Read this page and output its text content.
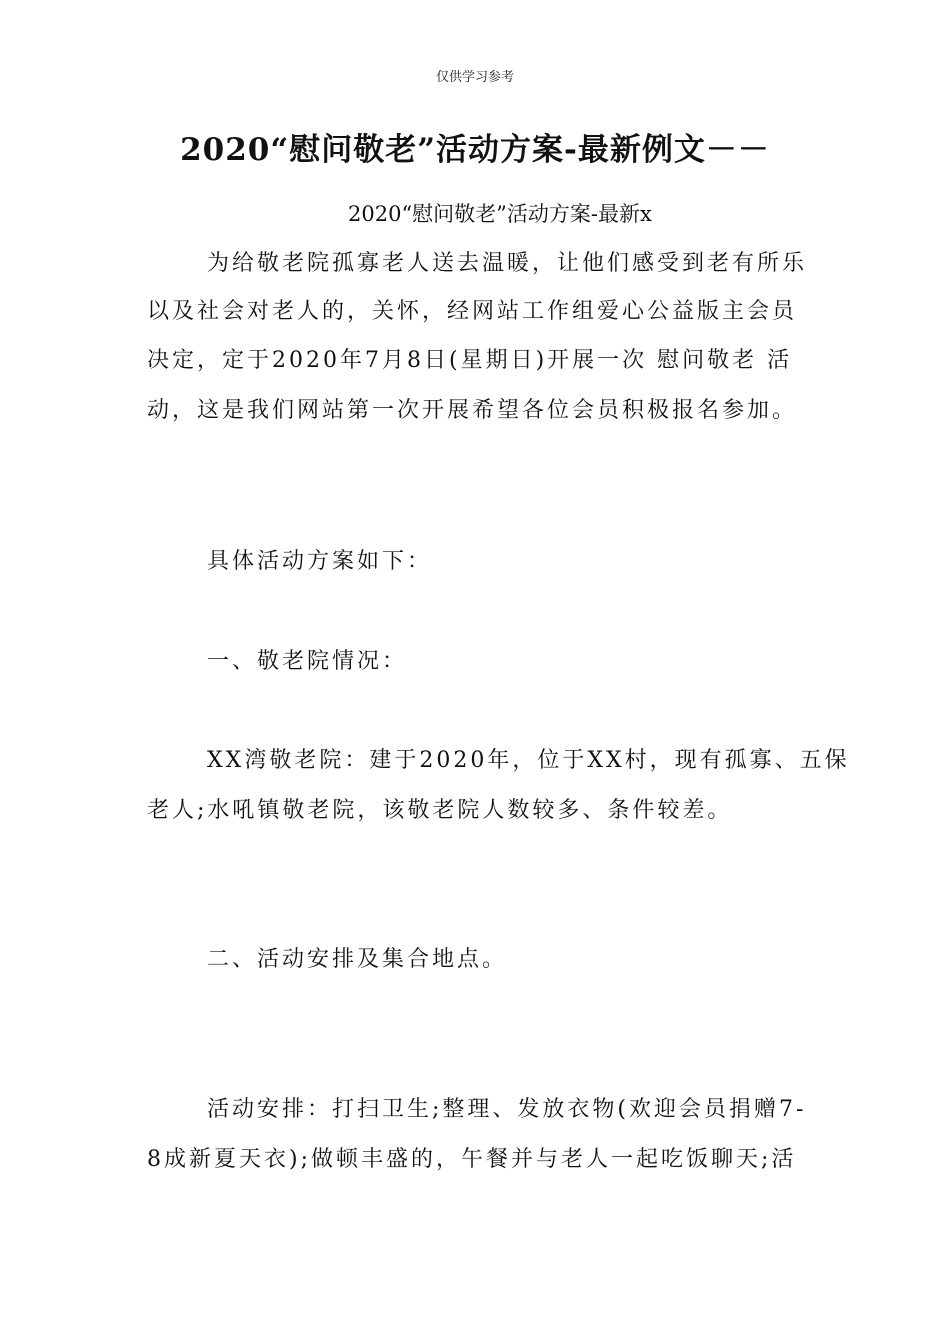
仅供学习参考
2020“慰问敬老”活动方案-最新例文－－
2020“慰问敬老”活动方案-最新x
为给敬老院孤寡老人送去温暖，让他们感受到老有所乐
以及社会对老人的，关怀，经网站工作组爱心公益版主会员
决定，定于2020年7月8日(星期日)开展一次 慰问敬老 活
动，这是我们网站第一次开展希望各位会员积极报名参加。
具体活动方案如下：
一、敬老院情况：
XX湾敬老院：建于2020年，位于XX村，现有孤寡、五保
老人;水吼镇敬老院，该敬老院人数较多、条件较差。
二、活动安排及集合地点。
活动安排：打扫卫生;整理、发放衣物(欢迎会员捐赠7-
8成新夏天衣);做顿丰盛的，午餐并与老人一起吃饭聊天;活
